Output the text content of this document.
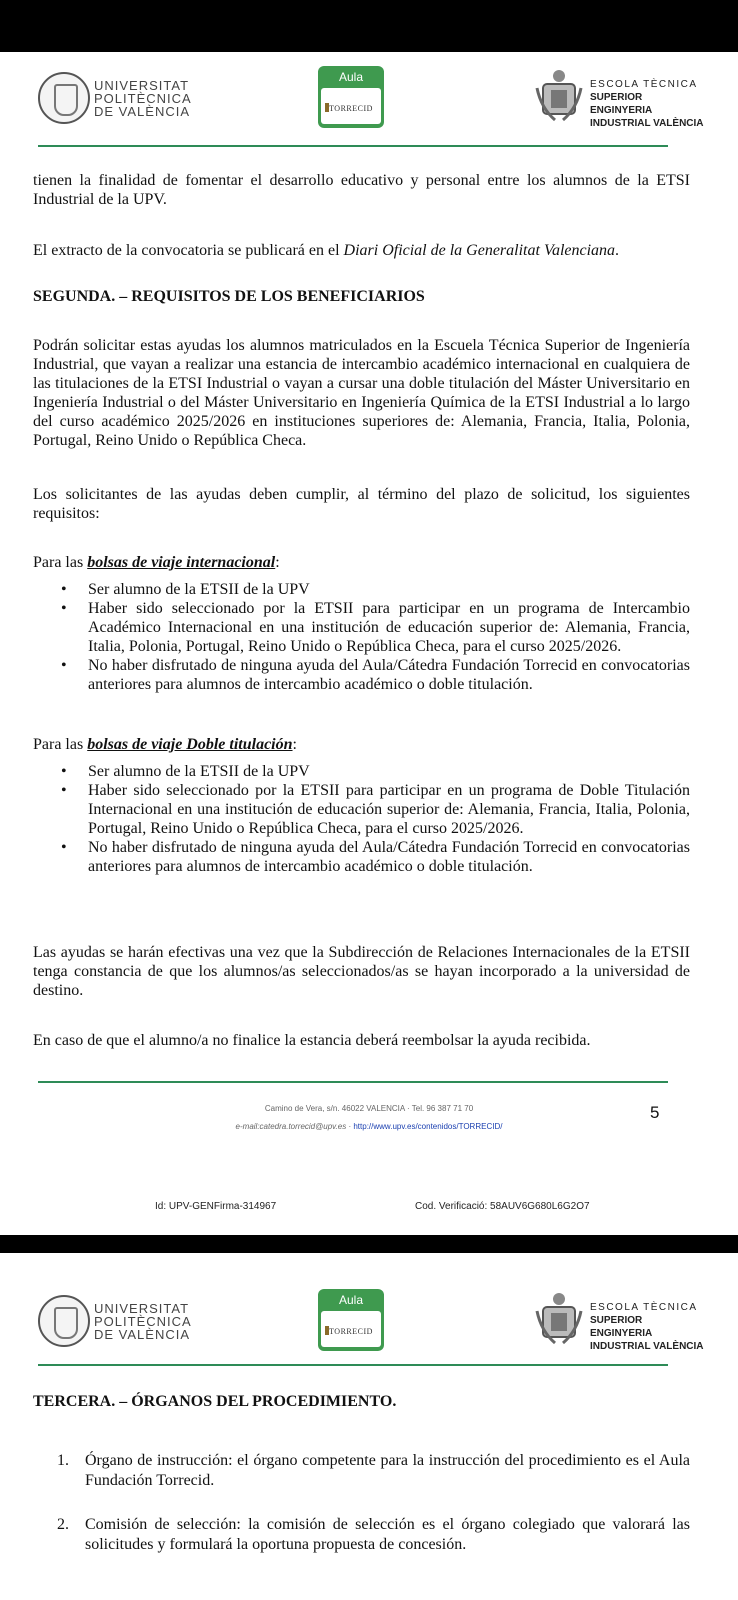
UNIVERSITAT
POLITÈCNICA
DE VALÈNCIA
Aula
TORRECID
ESCOLA TÈCNICA
SUPERIOR ENGINYERIA
INDUSTRIAL VALÈNCIA
tienen la finalidad de fomentar el desarrollo educativo y personal entre los alumnos de la ETSI Industrial de la UPV.
El extracto de la convocatoria se publicará en el Diari Oficial de la Generalitat Valenciana.
SEGUNDA. – REQUISITOS DE LOS BENEFICIARIOS
Podrán solicitar estas ayudas los alumnos matriculados en la Escuela Técnica Superior de Ingeniería Industrial, que vayan a realizar una estancia de intercambio académico internacional en cualquiera de las titulaciones de la ETSI Industrial o vayan a cursar una doble titulación del Máster Universitario en Ingeniería Industrial o del Máster Universitario en Ingeniería Química de la ETSI Industrial a lo largo del curso académico 2025/2026 en instituciones superiores de: Alemania, Francia, Italia, Polonia, Portugal, Reino Unido o República Checa.
Los solicitantes de las ayudas deben cumplir, al término del plazo de solicitud, los siguientes requisitos:
Para las bolsas de viaje internacional:
• Ser alumno de la ETSII de la UPV
• Haber sido seleccionado por la ETSII para participar en un programa de Intercambio Académico Internacional en una institución de educación superior de: Alemania, Francia, Italia, Polonia, Portugal, Reino Unido o República Checa, para el curso 2025/2026.
• No haber disfrutado de ninguna ayuda del Aula/Cátedra Fundación Torrecid en convocatorias anteriores para alumnos de intercambio académico o doble titulación.
Para las bolsas de viaje Doble titulación:
• Ser alumno de la ETSII de la UPV
• Haber sido seleccionado por la ETSII para participar en un programa de Doble Titulación Internacional en una institución de educación superior de: Alemania, Francia, Italia, Polonia, Portugal, Reino Unido o República Checa, para el curso 2025/2026.
• No haber disfrutado de ninguna ayuda del Aula/Cátedra Fundación Torrecid en convocatorias anteriores para alumnos de intercambio académico o doble titulación.
Las ayudas se harán efectivas una vez que la Subdirección de Relaciones Internacionales de la ETSII tenga constancia de que los alumnos/as seleccionados/as se hayan incorporado a la universidad de destino.
En caso de que el alumno/a no finalice la estancia deberá reembolsar la ayuda recibida.
Camino de Vera, s/n. 46022 VALENCIA · Tel. 96 387 71 70
e-mail:catedra.torrecid@upv.es · http://www.upv.es/contenidos/TORRECID/
5
Id: UPV-GENFirma-314967	Cod. Verificació: 58AUV6G680L6G2O7
UNIVERSITAT
POLITÈCNICA
DE VALÈNCIA
Aula
TORRECID
ESCOLA TÈCNICA
SUPERIOR ENGINYERIA
INDUSTRIAL VALÈNCIA
TERCERA. – ÓRGANOS DEL PROCEDIMIENTO.
1. Órgano de instrucción: el órgano competente para la instrucción del procedimiento es el Aula Fundación Torrecid.
2. Comisión de selección: la comisión de selección es el órgano colegiado que valorará las solicitudes y formulará la oportuna propuesta de concesión.
